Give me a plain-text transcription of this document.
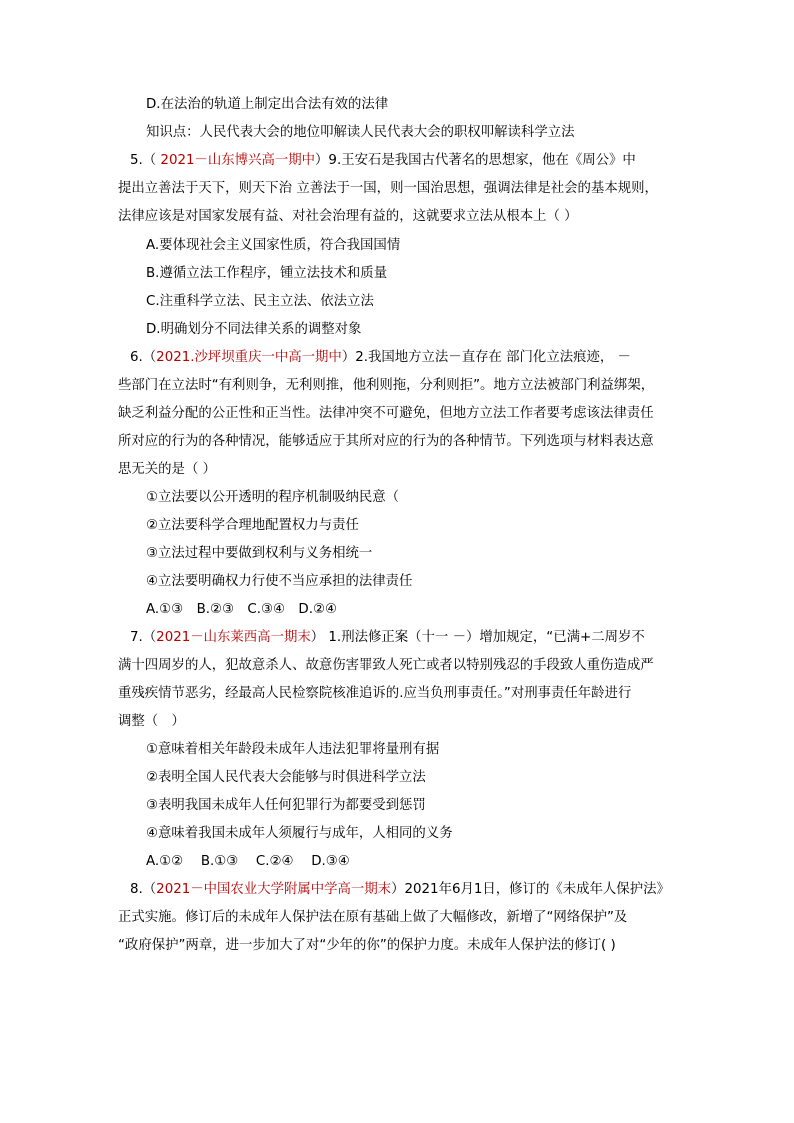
D.在法治的轨道上制定出合法有效的法律
知识点：人民代表大会的地位叩解读人民代表大会的职权叩解读科学立法
5.（ 2021－山东博兴高一期中）9.王安石是我国古代著名的思想家，他在《周公》中
提出立善法于天下，则天下治 立善法于一国，则一国治思想，强调法律是社会的基本规则，
法律应该是对国家发展有益、对社会治理有益的，这就要求立法从根本上（ ）
A.要体现社会主义国家性质，符合我国国情
B.遵循立法工作程序，锺立法技术和质量
C.注重科学立法、民主立法、依法立法
D.明确划分不同法律关系的调整对象
6.（2021.沙坪坝重庆一中高一期中）2.我国地方立法－直存在 部门化立法痕迹， －
些部门在立法时“有利则争，无利则推，他利则拖，分利则拒”。地方立法被部门利益绑架，
缺乏利益分配的公正性和正当性。法律冲突不可避免，但地方立法工作者要考虑该法律责任
所对应的行为的各种情况，能够适应于其所对应的行为的各种情节。下列选项与材料表达意
思无关的是（ ）
①立法要以公开透明的程序机制吸纳民意（
②立法要科学合理地配置权力与责任
③立法过程中要做到权利与义务相统一
④立法要明确权力行使不当应承担的法律责任
A.①③　B.②③　C.③④　D.②④
7.（2021－山东莱西高一期末） 1.刑法修正案（十一 －）增加规定，“已满+二周岁不
满十四周岁的人，犯故意杀人、故意伤害罪致人死亡或者以特别残忍的手段致人重伤造成严
重残疾情节恶劣，经最高人民检察院核准追诉的.应当负刑事责任。”对刑事责任年龄进行
调整（　）
①意味着相关年龄段未成年人违法犯罪将量刑有据
②表明全国人民代表大会能够与时俱进科学立法
③表明我国未成年人任何犯罪行为都要受到惩罚
④意味着我国未成年人须履行与成年，人相同的义务
A.①②　 B.①③　 C.②④　 D.③④
8.（2021－中国农业大学附属中学高一期末）2021年6月1日，修订的《未成年人保护法》
正式实施。修订后的未成年人保护法在原有基础上做了大幅修改，新增了“网络保护”及
“政府保护”两章，进一步加大了对“少年的你”的保护力度。未成年人保护法的修订( )
